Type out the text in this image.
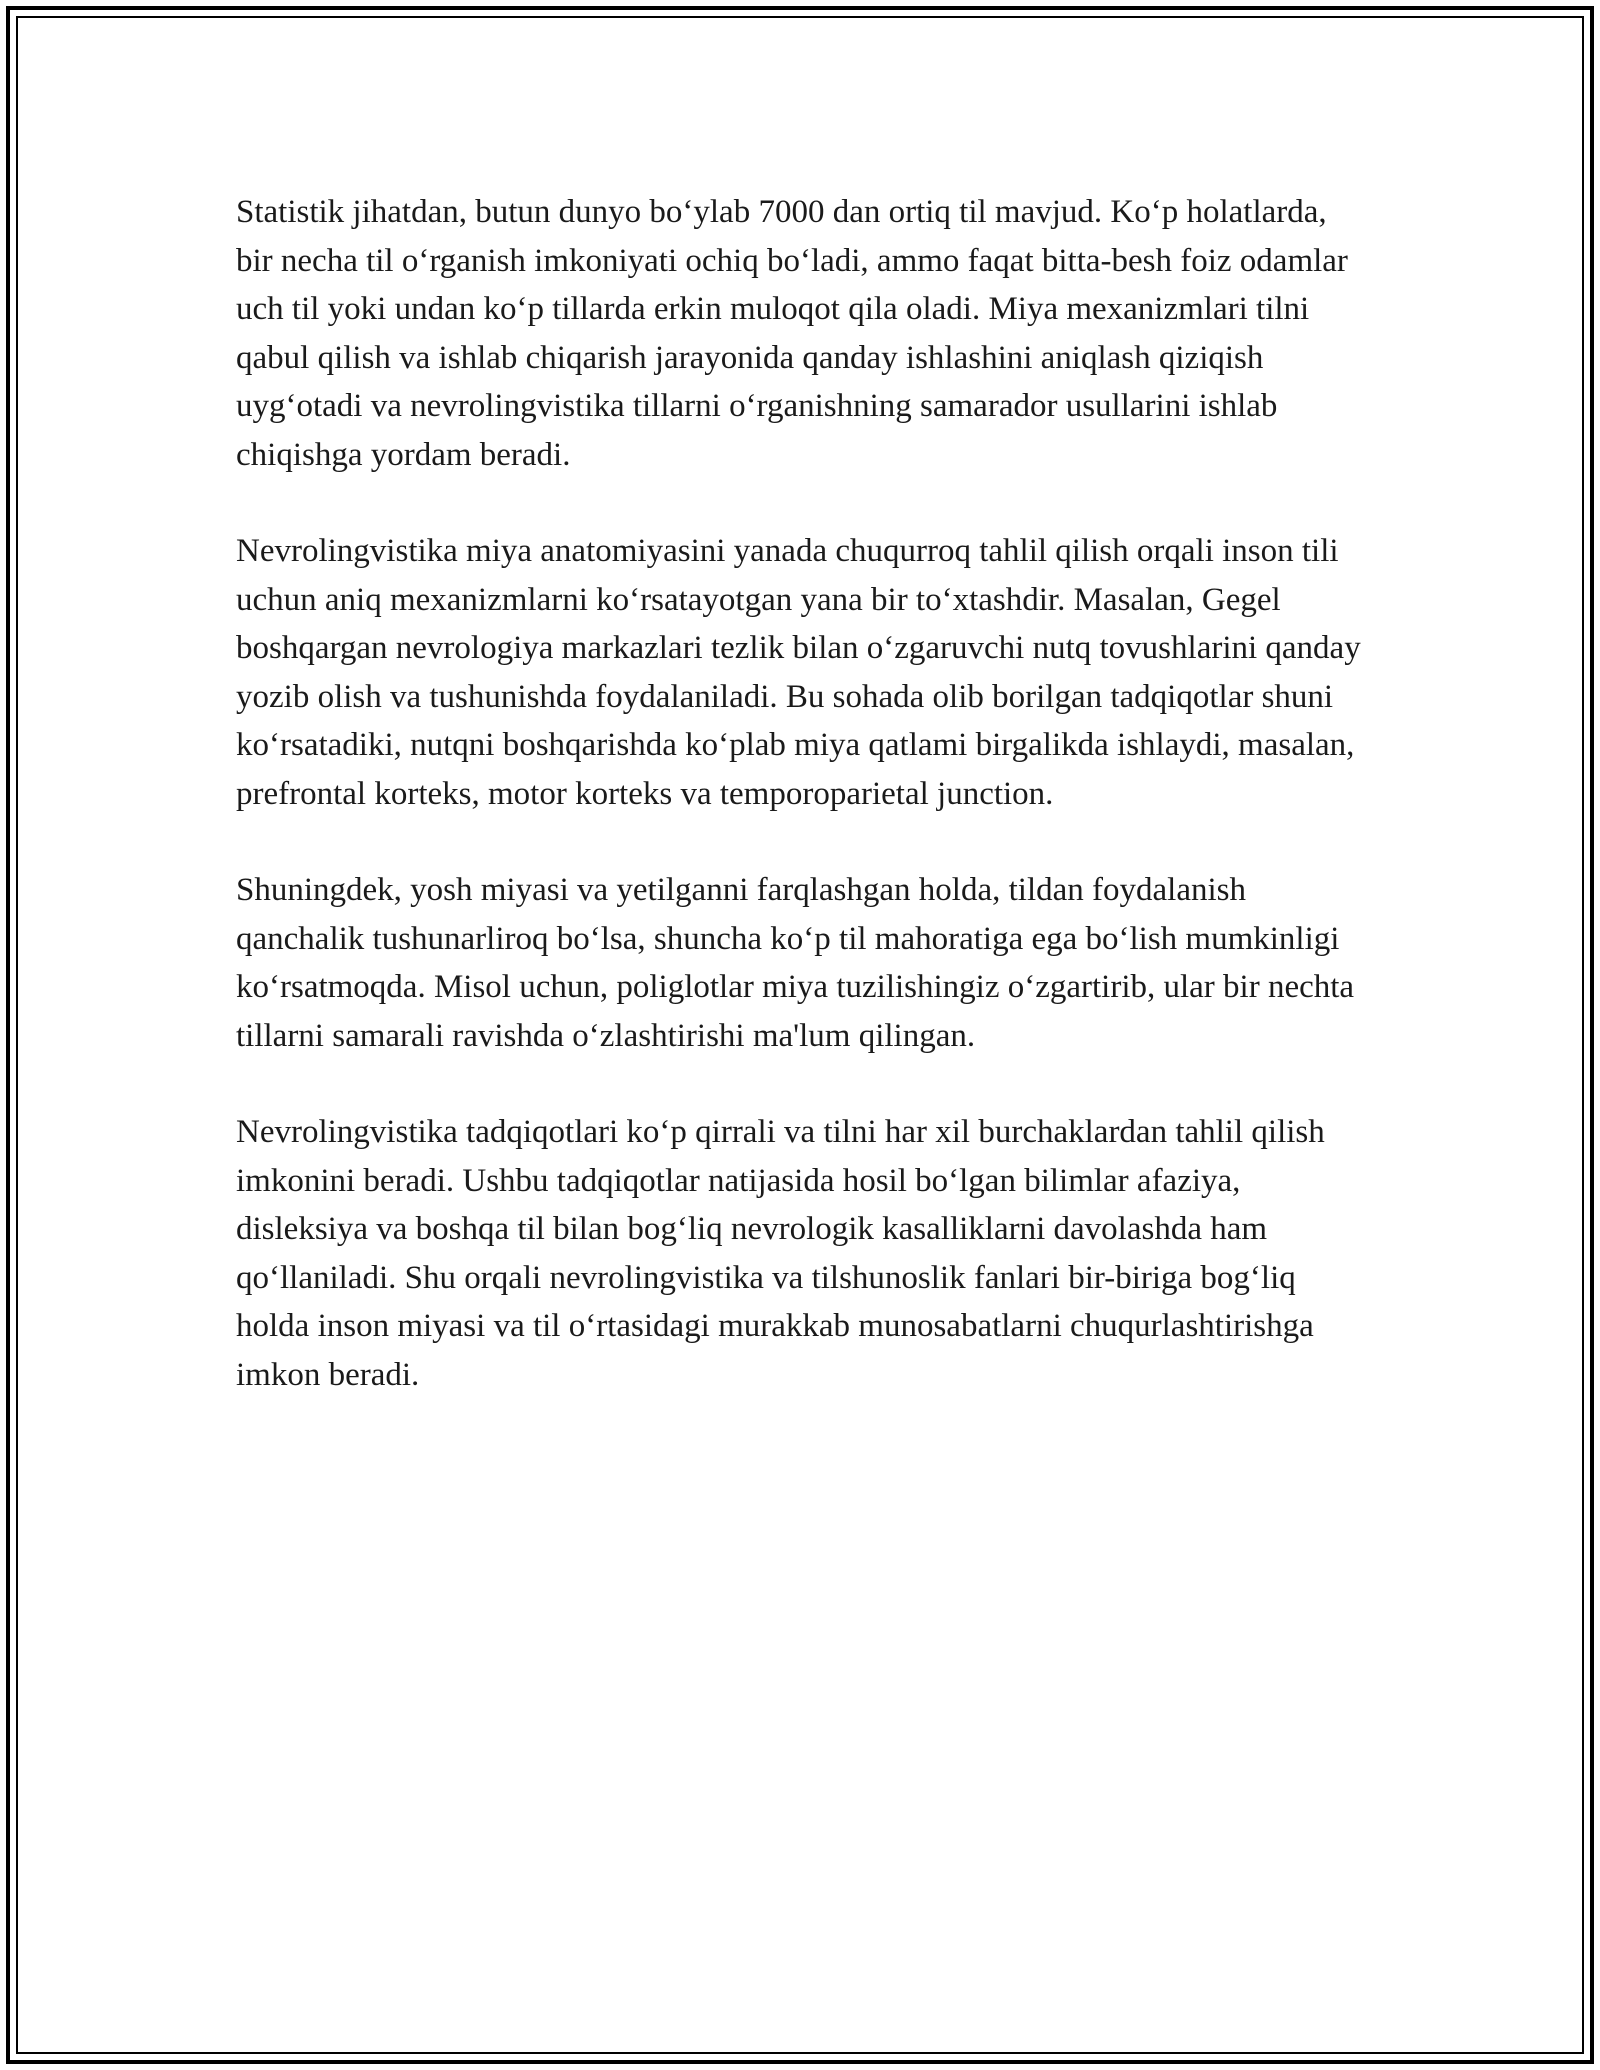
Statistik jihatdan, butun dunyo bo‘ylab 7000 dan ortiq til mavjud. Ko‘p holatlarda, bir necha til o‘rganish imkoniyati ochiq bo‘ladi, ammo faqat bitta-besh foiz odamlar uch til yoki undan ko‘p tillarda erkin muloqot qila oladi. Miya mexanizmlari tilni qabul qilish va ishlab chiqarish jarayonida qanday ishlashini aniqlash qiziqish uyg‘otadi va nevrolingvistika tillarni o‘rganishning samarador usullarini ishlab chiqishga yordam beradi.

Nevrolingvistika miya anatomiyasini yanada chuqurroq tahlil qilish orqali inson tili uchun aniq mexanizmlarni ko‘rsatayotgan yana bir to‘xtashdir. Masalan, Gegel boshqargan nevrologiya markazlari tezlik bilan o‘zgaruvchi nutq tovushlarini qanday yozib olish va tushunishda foydalaniladi. Bu sohada olib borilgan tadqiqotlar shuni ko‘rsatadiki, nutqni boshqarishda ko‘plab miya qatlami birgalikda ishlaydi, masalan, prefrontal korteks, motor korteks va temporoparietal junction.

Shuningdek, yosh miyasi va yetilganni farqlashgan holda, tildan foydalanish qanchalik tushunarliroq bo‘lsa, shuncha ko‘p til mahoratiga ega bo‘lish mumkinligi ko‘rsatmoqda. Misol uchun, poliglotlar miya tuzilishingiz o‘zgartirib, ular bir nechta tillarni samarali ravishda o‘zlashtirishi ma'lum qilingan.

Nevrolingvistika tadqiqotlari ko‘p qirrali va tilni har xil burchaklardan tahlil qilish imkonini beradi. Ushbu tadqiqotlar natijasida hosil bo‘lgan bilimlar afaziya, disleksiya va boshqa til bilan bog‘liq nevrologik kasalliklarni davolashda ham qo‘llaniladi. Shu orqali nevrolingvistika va tilshunoslik fanlari bir-biriga bog‘liq holda inson miyasi va til o‘rtasidagi murakkab munosabatlarni chuqurlashtirishga imkon beradi.
